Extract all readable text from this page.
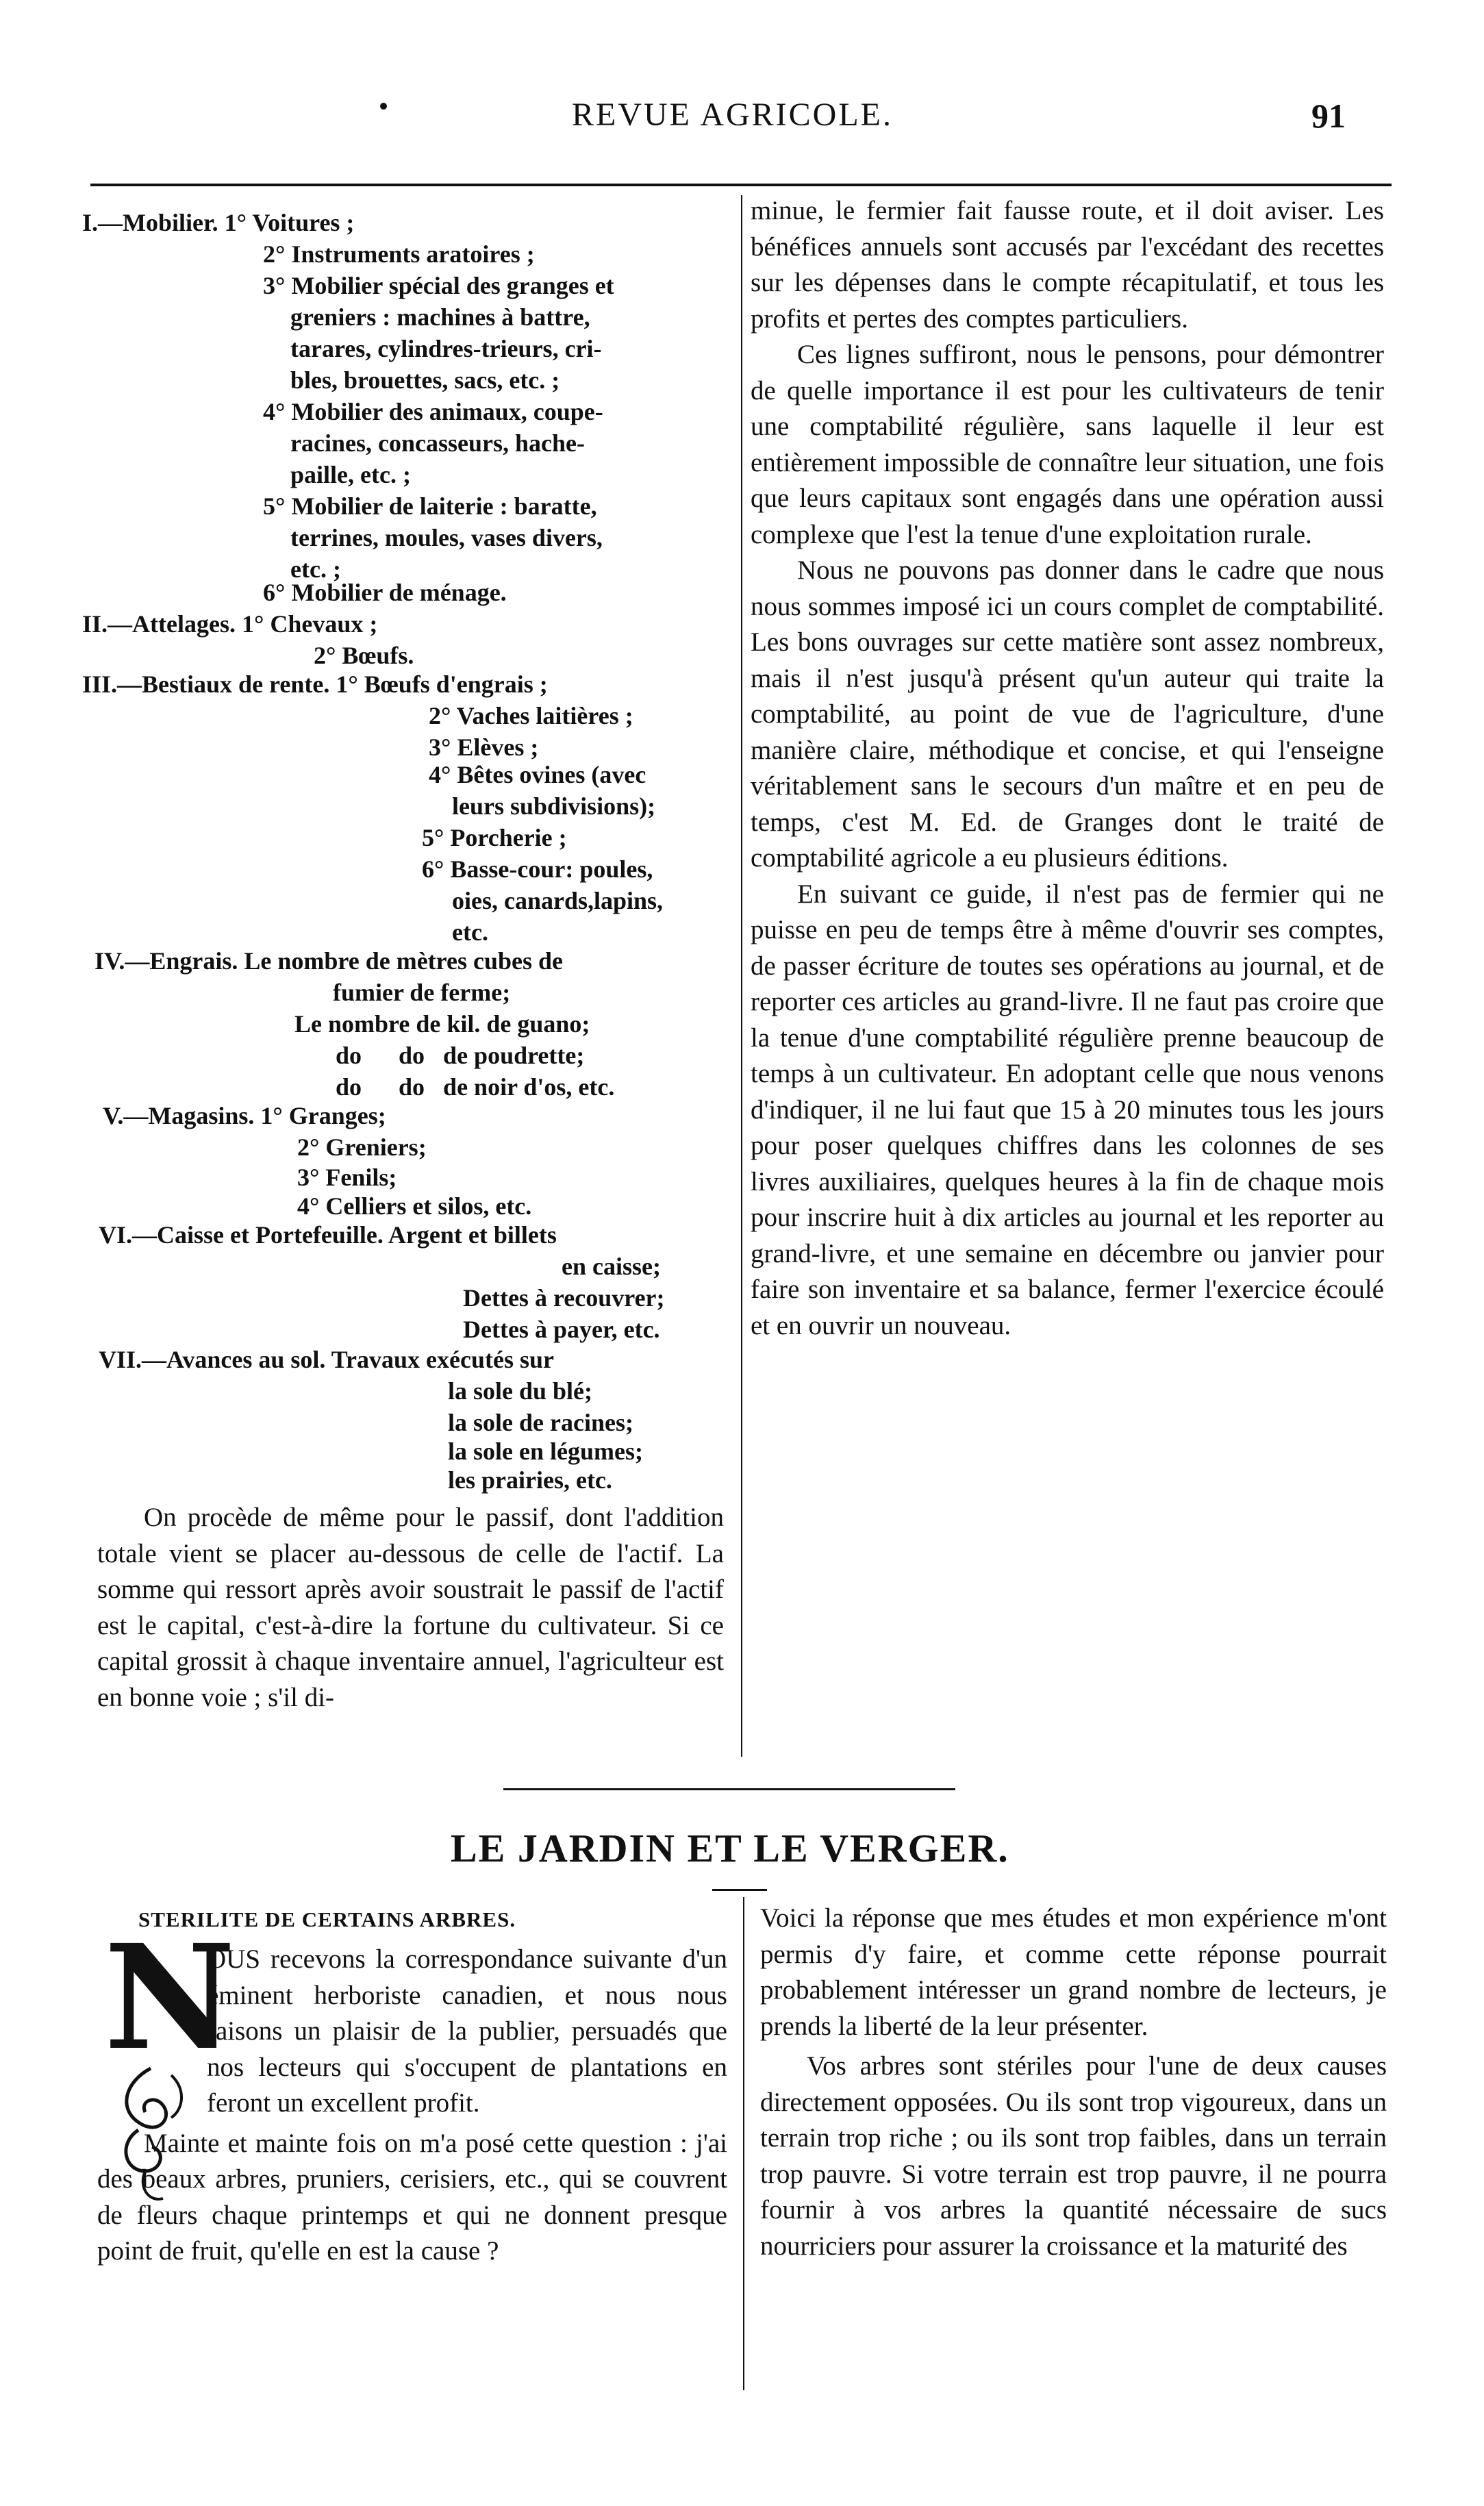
REVUE AGRICOLE.	91
I.—Mobilier. 1° Voitures ;
2° Instruments aratoires ;
3° Mobilier spécial des granges et
greniers : machines à battre,
tarares, cylindres-trieurs, cri-
bles, brouettes, sacs, etc. ;
4° Mobilier des animaux, coupe-
racines, concasseurs, hache-
paille, etc. ;
5° Mobilier de laiterie : baratte,
terrines, moules, vases divers,
etc. ;
6° Mobilier de ménage.
II.—Attelages. 1° Chevaux ;
2° Bœufs.
III.—Bestiaux de rente. 1° Bœufs d'engrais ;
2° Vaches laitières ;
3° Elèves ;
4° Bêtes ovines (avec
leurs subdivisions);
5° Porcherie ;
6° Basse-cour: poules,
oies, canards,lapins,
etc.
IV.—Engrais. Le nombre de mètres cubes de
fumier de ferme;
Le nombre de kil. de guano;
do      do   de poudrette;
do      do   de noir d'os, etc.
V.—Magasins. 1° Granges;
2° Greniers;
3° Fenils;
4° Celliers et silos, etc.
VI.—Caisse et Portefeuille. Argent et billets
en caisse;
Dettes à recouvrer;
Dettes à payer, etc.
VII.—Avances au sol. Travaux exécutés sur
la sole du blé;
la sole de racines;
la sole en légumes;
les prairies, etc.

On procède de même pour le passif, dont l'addition totale vient se placer au-dessous de celle de l'actif. La somme qui ressort après avoir soustrait le passif de l'actif est le capital, c'est-à-dire la fortune du cultivateur. Si ce capital grossit à chaque inventaire annuel, l'agriculteur est en bonne voie ; s'il di-

minue, le fermier fait fausse route, et il doit aviser. Les bénéfices annuels sont accusés par l'excédant des recettes sur les dépenses dans le compte récapitulatif, et tous les profits et pertes des comptes particuliers.

Ces lignes suffiront, nous le pensons, pour démontrer de quelle importance il est pour les cultivateurs de tenir une comptabilité régulière, sans laquelle il leur est entièrement impossible de connaître leur situation, une fois que leurs capitaux sont engagés dans une opération aussi complexe que l'est la tenue d'une exploitation rurale.

Nous ne pouvons pas donner dans le cadre que nous nous sommes imposé ici un cours complet de comptabilité. Les bons ouvrages sur cette matière sont assez nombreux, mais il n'est jusqu'à présent qu'un auteur qui traite la comptabilité, au point de vue de l'agriculture, d'une manière claire, méthodique et concise, et qui l'enseigne véritablement sans le secours d'un maître et en peu de temps, c'est M. Ed. de Granges dont le traité de comptabilité agricole a eu plusieurs éditions.

En suivant ce guide, il n'est pas de fermier qui ne puisse en peu de temps être à même d'ouvrir ses comptes, de passer écriture de toutes ses opérations au journal, et de reporter ces articles au grand-livre. Il ne faut pas croire que la tenue d'une comptabilité régulière prenne beaucoup de temps à un cultivateur. En adoptant celle que nous venons d'indiquer, il ne lui faut que 15 à 20 minutes tous les jours pour poser quelques chiffres dans les colonnes de ses livres auxiliaires, quelques heures à la fin de chaque mois pour inscrire huit à dix articles au journal et les reporter au grand-livre, et une semaine en décembre ou janvier pour faire son inventaire et sa balance, fermer l'exercice écoulé et en ouvrir un nouveau.

LE JARDIN ET LE VERGER.
STERILITE DE CERTAINS ARBRES.
N

OUS recevons la correspondance suivante d'un éminent herboriste canadien, et nous nous faisons un plaisir de la publier, persuadés que nos lecteurs qui s'occupent de plantations en feront un excellent profit.

Mainte et mainte fois on m'a posé cette question : j'ai des beaux arbres, pruniers, cerisiers, etc., qui se couvrent de fleurs chaque printemps et qui ne donnent presque point de fruit, qu'elle en est la cause ?

Voici la réponse que mes études et mon expérience m'ont permis d'y faire, et comme cette réponse pourrait probablement intéresser un grand nombre de lecteurs, je prends la liberté de la leur présenter.

Vos arbres sont stériles pour l'une de deux causes directement opposées. Ou ils sont trop vigoureux, dans un terrain trop riche ; ou ils sont trop faibles, dans un terrain trop pauvre. Si votre terrain est trop pauvre, il ne pourra fournir à vos arbres la quantité nécessaire de sucs nourriciers pour assurer la croissance et la maturité des
